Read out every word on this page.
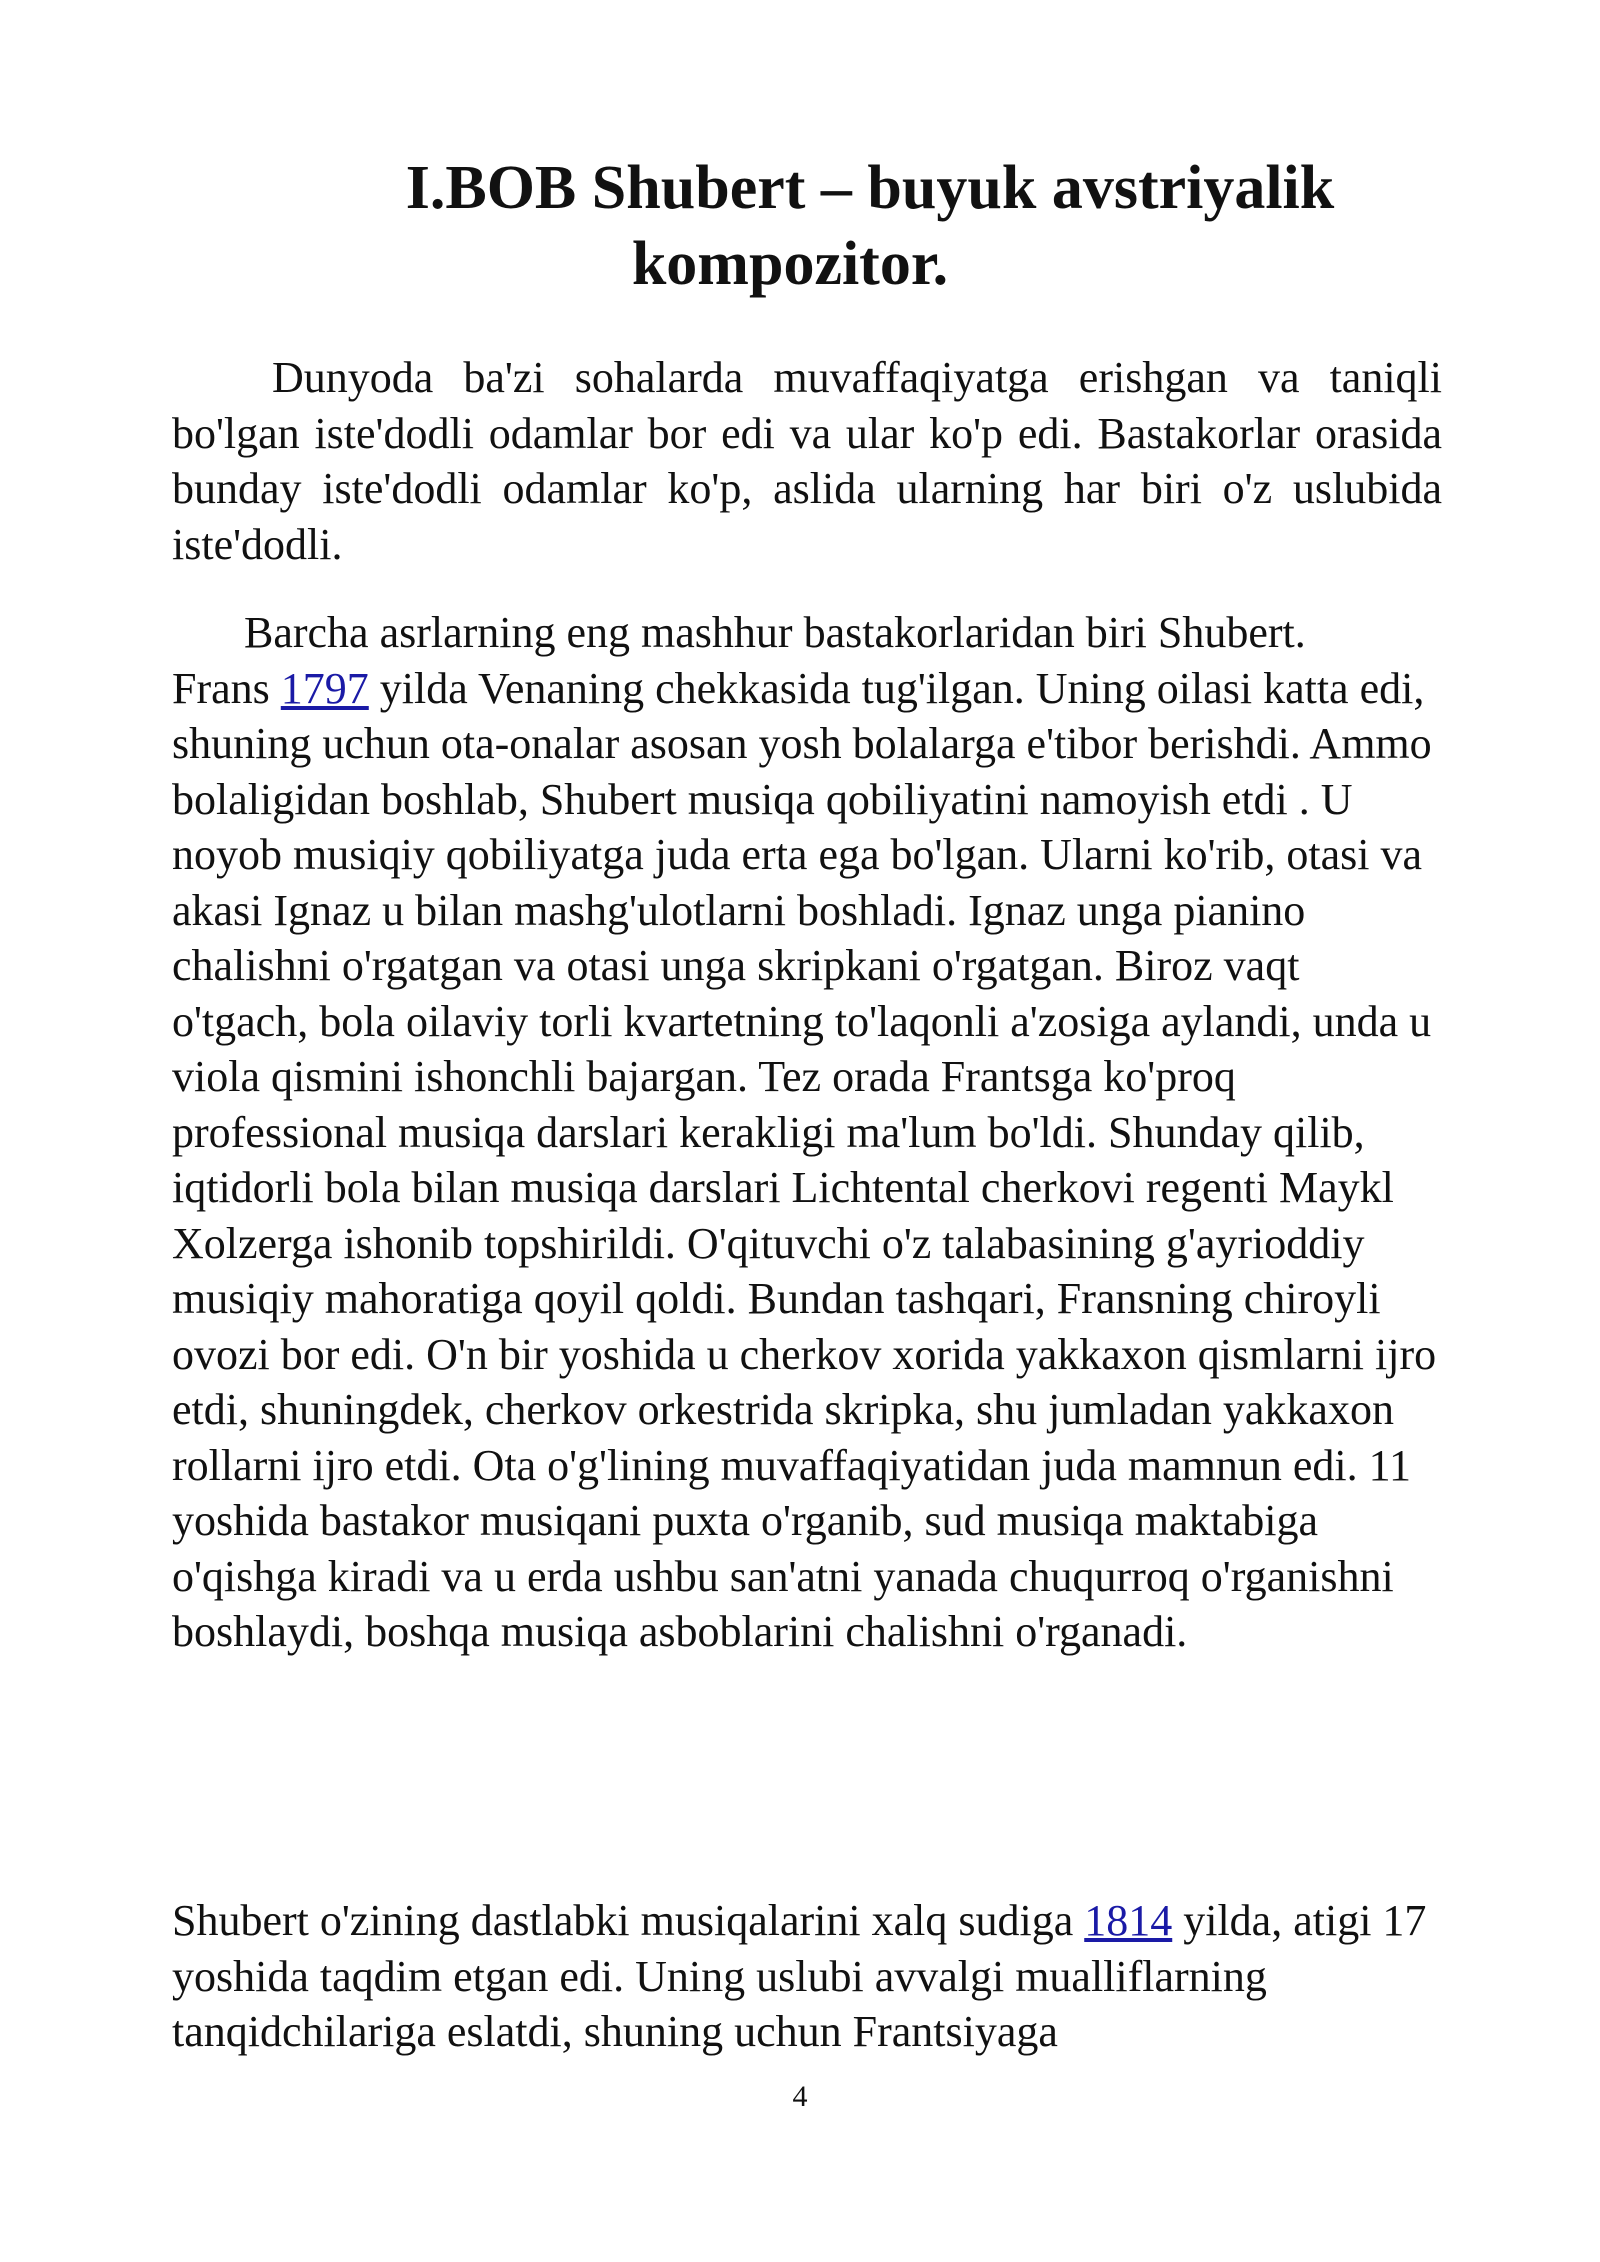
I.BOB Shubert – buyuk avstriyalik
kompozitor.

Dunyoda ba'zi sohalarda muvaffaqiyatga erishgan va taniqli bo'lgan iste'dodli odamlar bor edi va ular ko'p edi. Bastakorlar orasida bunday iste'dodli odamlar ko'p, aslida ularning har biri o'z uslubida iste'dodli.

Barcha asrlarning eng mashhur bastakorlaridan biri Shubert.
Frans 1797 yilda Venaning chekkasida tug'ilgan. Uning oilasi katta edi, shuning uchun ota-onalar asosan yosh bolalarga e'tibor berishdi. Ammo bolaligidan boshlab, Shubert musiqa qobiliyatini namoyish etdi . U noyob musiqiy qobiliyatga juda erta ega bo'lgan. Ularni ko'rib, otasi va akasi Ignaz u bilan mashg'ulotlarni boshladi. Ignaz unga pianino chalishni o'rgatgan va otasi unga skripkani o'rgatgan. Biroz vaqt o'tgach, bola oilaviy torli kvartetning to'laqonli a'zosiga aylandi, unda u viola qismini ishonchli bajargan. Tez orada Frantsga ko'proq professional musiqa darslari kerakligi ma'lum bo'ldi. Shunday qilib, iqtidorli bola bilan musiqa darslari Lichtental cherkovi regenti Maykl Xolzerga ishonib topshirildi. O'qituvchi o'z talabasining g'ayrioddiy musiqiy mahoratiga qoyil qoldi. Bundan tashqari, Fransning chiroyli ovozi bor edi. O'n bir yoshida u cherkov xorida yakkaxon qismlarni ijro etdi, shuningdek, cherkov orkestrida skripka, shu jumladan yakkaxon rollarni ijro etdi. Ota o'g'lining muvaffaqiyatidan juda mamnun edi. 11 yoshida bastakor musiqani puxta o'rganib, sud musiqa maktabiga o'qishga kiradi va u erda ushbu san'atni yanada chuqurroq o'rganishni boshlaydi, boshqa musiqa asboblarini chalishni o'rganadi.

Shubert o'zining dastlabki musiqalarini xalq sudiga 1814 yilda, atigi 17 yoshida taqdim etgan edi. Uning uslubi avvalgi mualliflarning tanqidchilariga eslatdi, shuning uchun Frantsiyaga

4
